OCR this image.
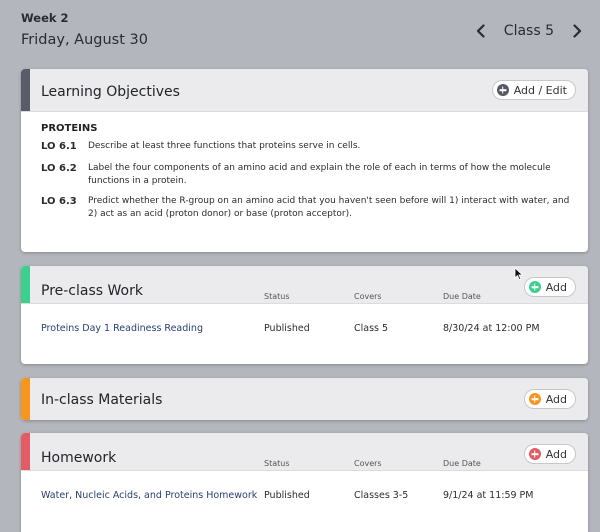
Week 2
Friday, August 30
Class 5
Learning Objectives	Add / Edit
PROTEINS
LO 6.1 Describe at least three functions that proteins serve in cells.
LO 6.2 Label the four components of an amino acid and explain the role of each in terms of how the molecule functions in a protein.
LO 6.3 Predict whether the R-group on an amino acid that you haven't seen before will 1) interact with water, and 2) act as an acid (proton donor) or base (proton acceptor).
Pre-class Work	Status	Covers	Due Date
Add
Proteins Day 1 Readiness Reading	Published	Class 5	8/30/24 at 12:00 PM
In-class Materials	Add
Homework	Status	Covers	Due Date
Add
Water, Nucleic Acids, and Proteins Homework Published	Classes 3-5	9/1/24 at 11:59 PM
